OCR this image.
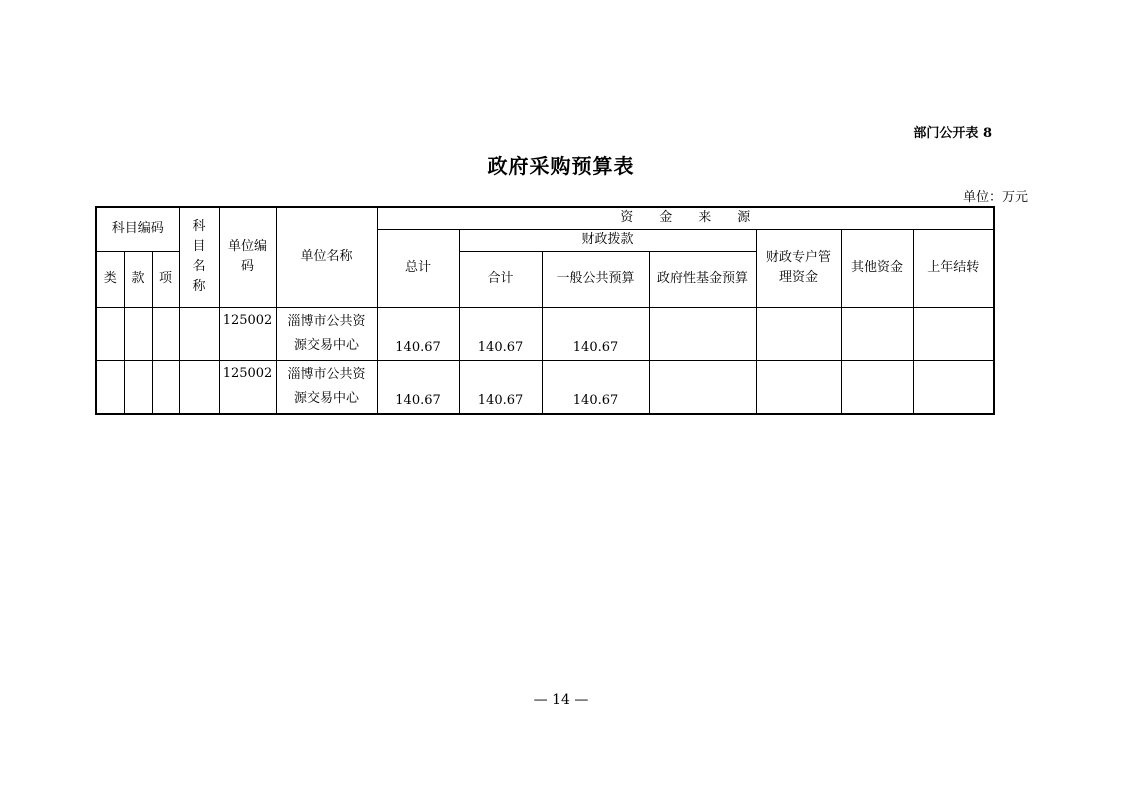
部门公开表 8
政府采购预算表
单位：万元
科目编码			科目名称	单位编码	单位名称	资　　金　　来　　源						
						总计	财政拨款			财政专户管理资金	其他资金	上年结转
类	款	项					合计	一般公共预算	政府性基金预算			
				125002	淄博市公共资源交易中心	140.67	140.67	140.67				
				125002	淄博市公共资源交易中心	140.67	140.67	140.67				
— 14 —
